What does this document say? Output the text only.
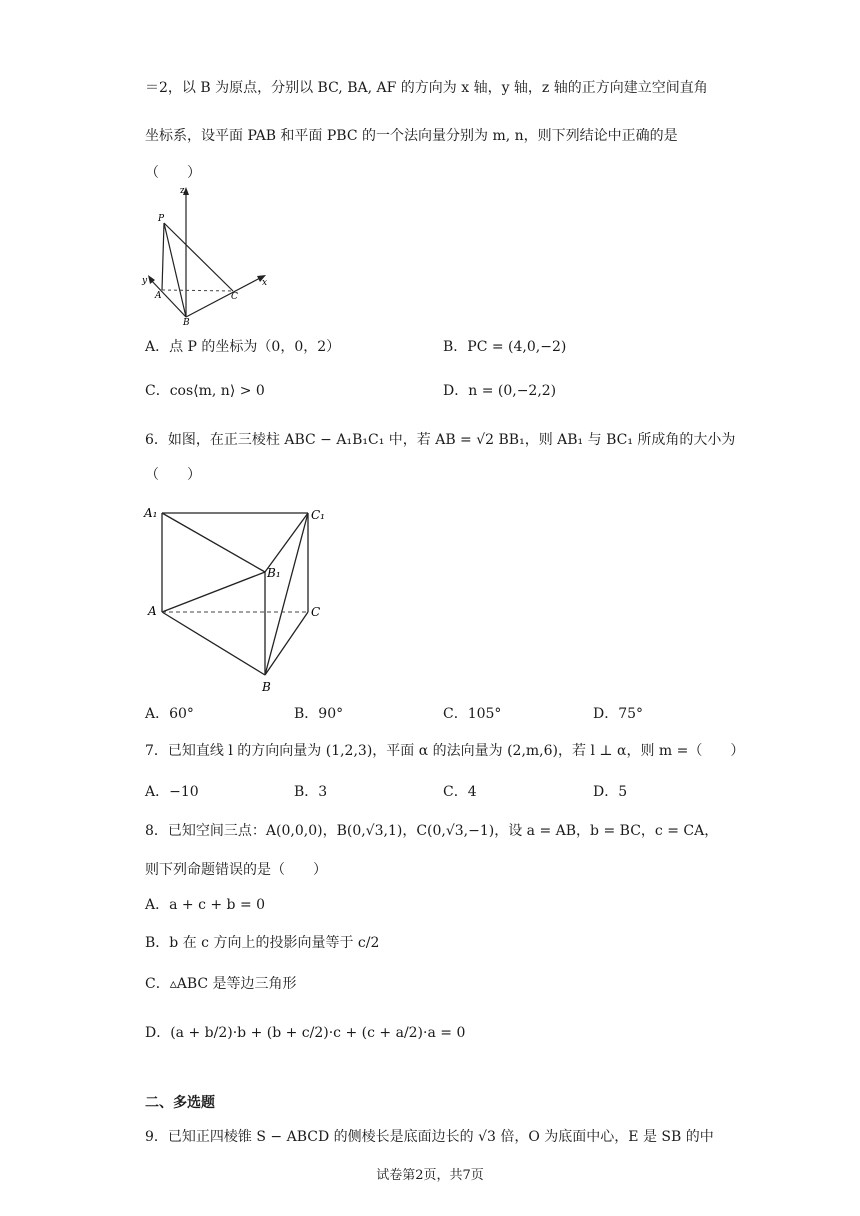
＝2，以 B 为原点，分别以 BC, BA, AF 的方向为 x 轴，y 轴，z 轴的正方向建立空间直角
坐标系，设平面 PAB 和平面 PBC 的一个法向量分别为 m, n，则下列结论中正确的是
（　　）
z
P
y
A
B
C
x
A．点 P 的坐标为（0，0，2）	B．PC = (4,0,−2)
C．cos⟨m, n⟩ > 0	D．n = (0,−2,2)
6．如图，在正三棱柱 ABC − A₁B₁C₁ 中，若 AB = √2 BB₁，则 AB₁ 与 BC₁ 所成角的大小为
（　　）
A₁	C₁
B₁
A	C
B
A．60°	B．90°	C．105°	D．75°
7．已知直线 l 的方向向量为 (1,2,3)，平面 α 的法向量为 (2,m,6)，若 l ⊥ α，则 m =（　　）
A．−10	B．3	C．4	D．5
8．已知空间三点：A(0,0,0)，B(0,√3,1)，C(0,√3,−1)，设 a = AB，b = BC，c = CA，
则下列命题错误的是（　　）
A．a + c + b = 0
B．b 在 c 方向上的投影向量等于 c/2
C．▵ABC 是等边三角形
D．(a + b/2)·b + (b + c/2)·c + (c + a/2)·a = 0
二、多选题
9．已知正四棱锥 S − ABCD 的侧棱长是底面边长的 √3 倍，O 为底面中心，E 是 SB 的中
试卷第2页，共7页
